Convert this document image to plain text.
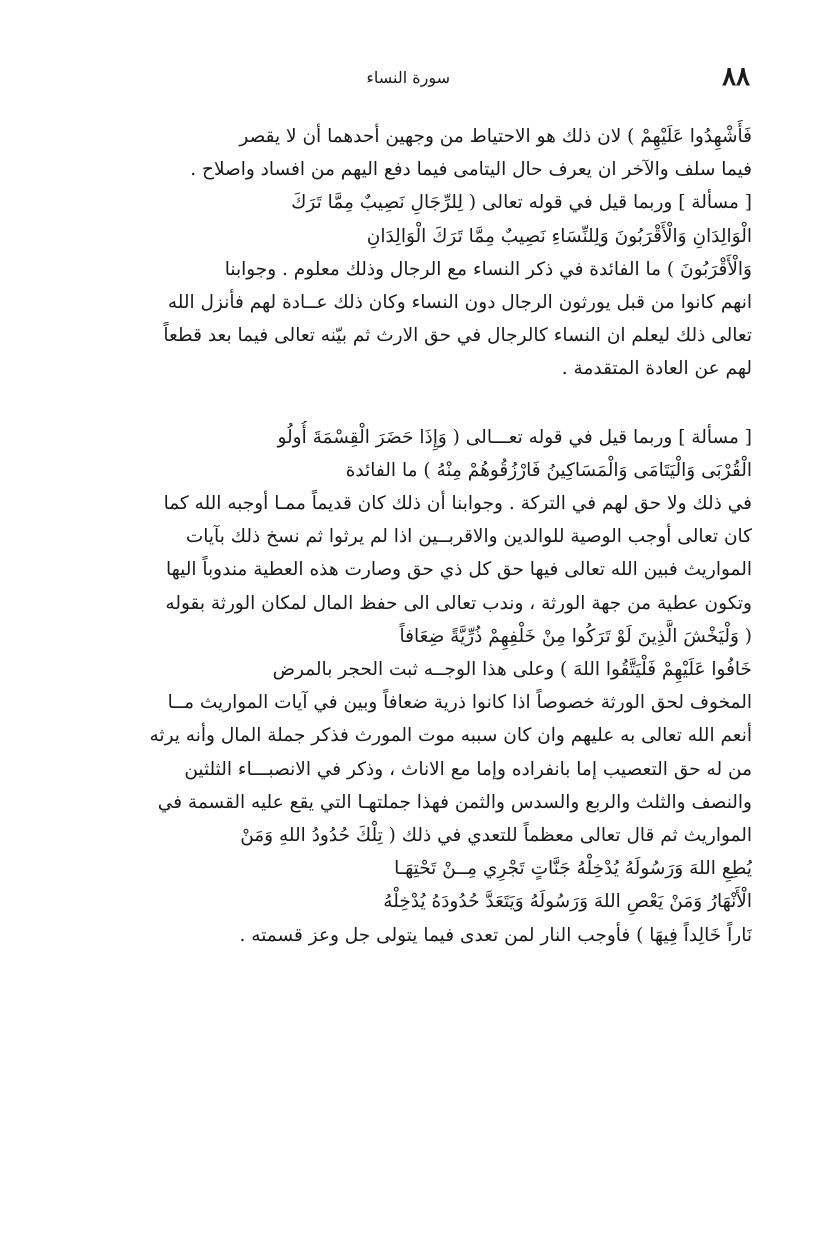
٨٨
سورة النساء

فَأَشْهِدُوا عَلَيْهِمْ ) لان ذلك هو الاحتياط من وجهين أحدهما أن لا يقصر
فيما سلف والآخر ان يعرف حال اليتامى فيما دفع اليهم من افساد واصلاح .

[ مسألة ] وربما قيل في قوله تعالى ( لِلرِّجَالِ نَصِيبٌ مِمَّا تَرَكَ
الْوَالِدَانِ وَالْأَقْرَبُونَ وَلِلنِّسَاءِ نَصِيبٌ مِمَّا تَرَكَ الْوَالِدَانِ
وَالْأَقْرَبُونَ ) ما الفائدة في ذكر النساء مع الرجال وذلك معلوم . وجوابنا
انهم كانوا من قبل يورثون الرجال دون النساء وكان ذلك عــادة لهم فأنزل الله
تعالى ذلك ليعلم ان النساء كالرجال في حق الارث ثم بيّنه تعالى فيما بعد قطعاً
لهم عن العادة المتقدمة .

[ مسألة ] وربما قيل في قوله تعـــالى ( وَإِذَا حَضَرَ الْقِسْمَةَ أُولُو
الْقُرْبَى وَالْيَتَامَى وَالْمَسَاكِينُ فَارْزُقُوهُمْ مِنْهُ ) ما الفائدة
في ذلك ولا حق لهم في التركة . وجوابنا أن ذلك كان قديماً ممـا أوجبه الله كما
كان تعالى أوجب الوصية للوالدين والاقربــين اذا لم يرثوا ثم نسخ ذلك بآيات
المواريث فبين الله تعالى فيها حق كل ذي حق وصارت هذه العطية مندوباً اليها
وتكون عطية من جهة الورثة ، وندب تعالى الى حفظ المال لمكان الورثة بقوله
( وَلْيَخْشَ الَّذِينَ لَوْ تَرَكُوا مِنْ خَلْفِهِمْ ذُرِّيَّةً ضِعَافاً
خَافُوا عَلَيْهِمْ فَلْيَتَّقُوا اللهَ ) وعلى هذا الوجــه ثبت الحجر بالمرض
المخوف لحق الورثة خصوصاً اذا كانوا ذرية ضعافاً وبين في آيات المواريث مــا
أنعم الله تعالى به عليهم وان كان سببه موت المورث فذكر جملة المال وأنه يرثه
من له حق التعصيب إما بانفراده وإما مع الاناث ، وذكر في الانصبـــاء الثلثين
والنصف والثلث والربع والسدس والثمن فهذا جملتهـا التي يقع عليه القسمة في
المواريث ثم قال تعالى معظماً للتعدي في ذلك ( تِلْكَ حُدُودُ اللهِ وَمَنْ
يُطِعِ اللهَ وَرَسُولَهُ يُدْخِلْهُ جَنَّاتٍ تَجْرِي مِــنْ تَحْتِهَـا
الْأَنْهَارُ وَمَنْ يَعْصِ اللهَ وَرَسُولَهُ وَيَتَعَدَّ حُدُودَهُ يُدْخِلْهُ
نَاراً خَالِداً فِيهَا ) فأوجب النار لمن تعدى فيما يتولى جل وعز قسمته .
